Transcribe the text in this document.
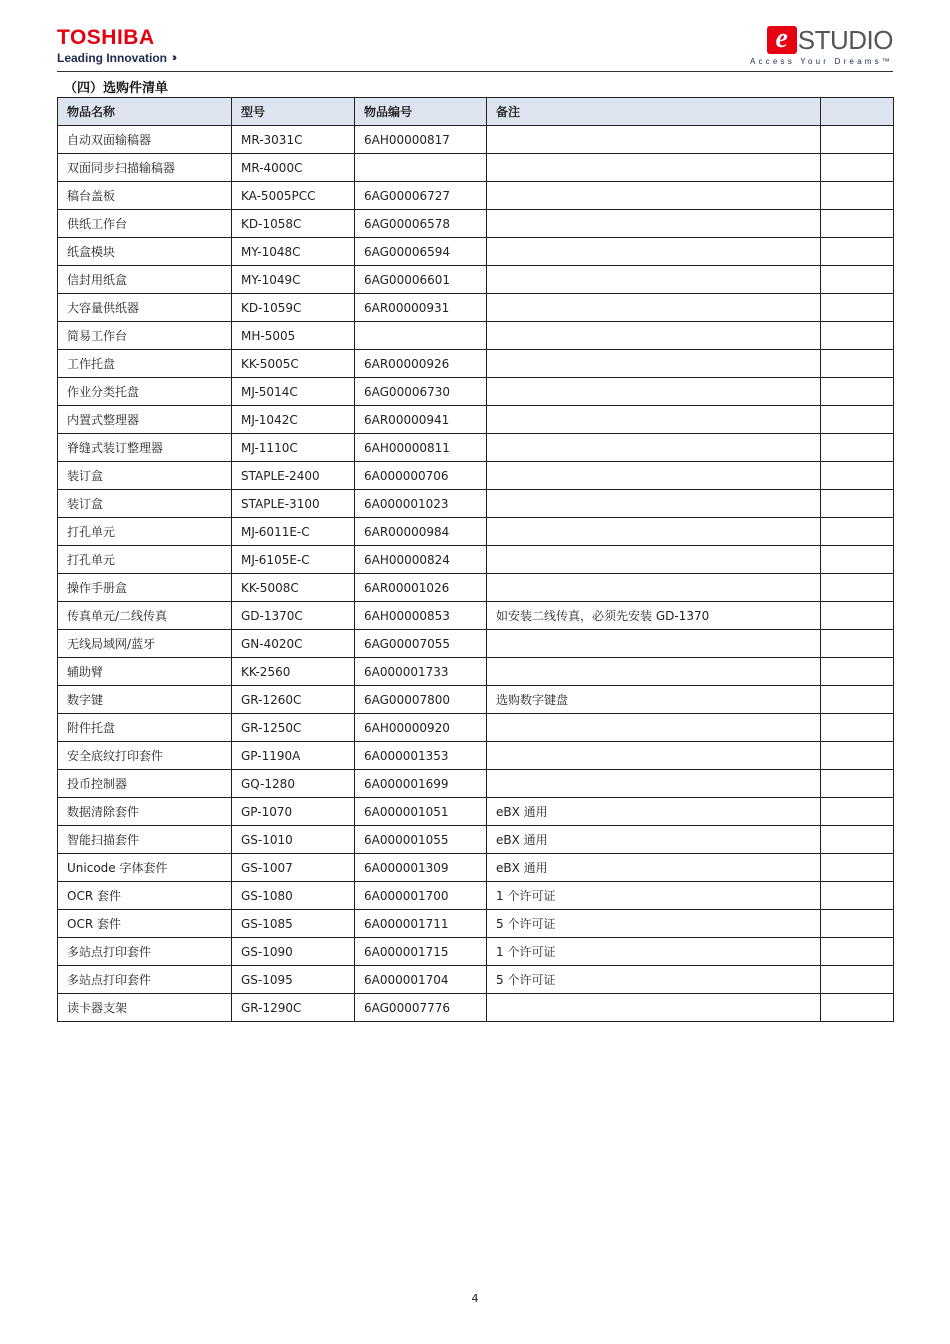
TOSHIBA
Leading Innovation ›››
e STUDIO
Access Your Dreams™
（四）选购件清单
物品名称	型号	物品编号	备注	
自动双面输稿器	MR-3031C	6AH00000817		
双面同步扫描输稿器	MR-4000C			
稿台盖板	KA-5005PCC	6AG00006727		
供纸工作台	KD-1058C	6AG00006578		
纸盒模块	MY-1048C	6AG00006594		
信封用纸盒	MY-1049C	6AG00006601		
大容量供纸器	KD-1059C	6AR00000931		
简易工作台	MH-5005			
工作托盘	KK-5005C	6AR00000926		
作业分类托盘	MJ-5014C	6AG00006730		
内置式整理器	MJ-1042C	6AR00000941		
脊缝式装订整理器	MJ-1110C	6AH00000811		
装订盒	STAPLE-2400	6A000000706		
装订盒	STAPLE-3100	6A000001023		
打孔单元	MJ-6011E-C	6AR00000984		
打孔单元	MJ-6105E-C	6AH00000824		
操作手册盒	KK-5008C	6AR00001026		
传真单元/二线传真	GD-1370C	6AH00000853	如安装二线传真，必须先安装 GD-1370	
无线局域网/蓝牙	GN-4020C	6AG00007055		
辅助臂	KK-2560	6A000001733		
数字键	GR-1260C	6AG00007800	选购数字键盘	
附件托盘	GR-1250C	6AH00000920		
安全底纹打印套件	GP-1190A	6A000001353		
投币控制器	GQ-1280	6A000001699		
数据清除套件	GP-1070	6A000001051	eBX 通用	
智能扫描套件	GS-1010	6A000001055	eBX 通用	
Unicode 字体套件	GS-1007	6A000001309	eBX 通用	
OCR 套件	GS-1080	6A000001700	1 个许可证	
OCR 套件	GS-1085	6A000001711	5 个许可证	
多站点打印套件	GS-1090	6A000001715	1 个许可证	
多站点打印套件	GS-1095	6A000001704	5 个许可证	
读卡器支架	GR-1290C	6AG00007776		
4
